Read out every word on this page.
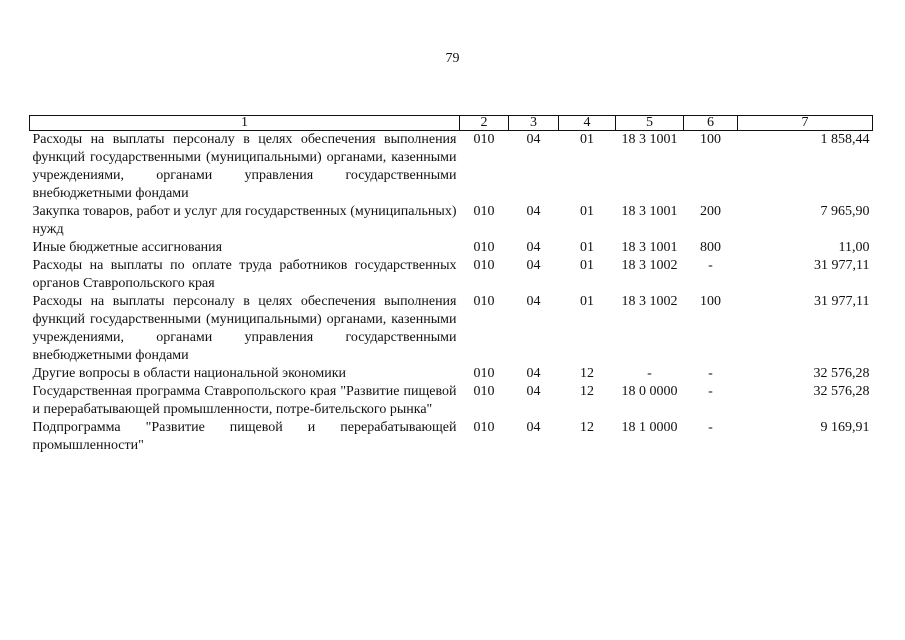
79
1	2	3	4	5	6	7
Расходы на выплаты персоналу в целях обеспечения выполнения функций государственными (муниципальными) органами, казенными учреждениями, органами управления государственными внебюджетными фондами	010	04	01	18 3 1001	100	1 858,44
Закупка товаров, работ и услуг для государственных (муниципальных) нужд	010	04	01	18 3 1001	200	7 965,90
Иные бюджетные ассигнования	010	04	01	18 3 1001	800	11,00
Расходы на выплаты по оплате труда работников государственных органов Ставропольского края	010	04	01	18 3 1002	-	31 977,11
Расходы на выплаты персоналу в целях обеспечения выполнения функций государственными (муниципальными) органами, казенными учреждениями, органами управления государственными внебюджетными фондами	010	04	01	18 3 1002	100	31 977,11
Другие вопросы в области национальной экономики	010	04	12	-	-	32 576,28
Государственная программа Ставропольского края "Развитие пищевой и перерабатывающей промышленности, потре-бительского рынка"	010	04	12	18 0 0000	-	32 576,28
Подпрограмма "Развитие пищевой и перерабатывающей промышленности"	010	04	12	18 1 0000	-	9 169,91
